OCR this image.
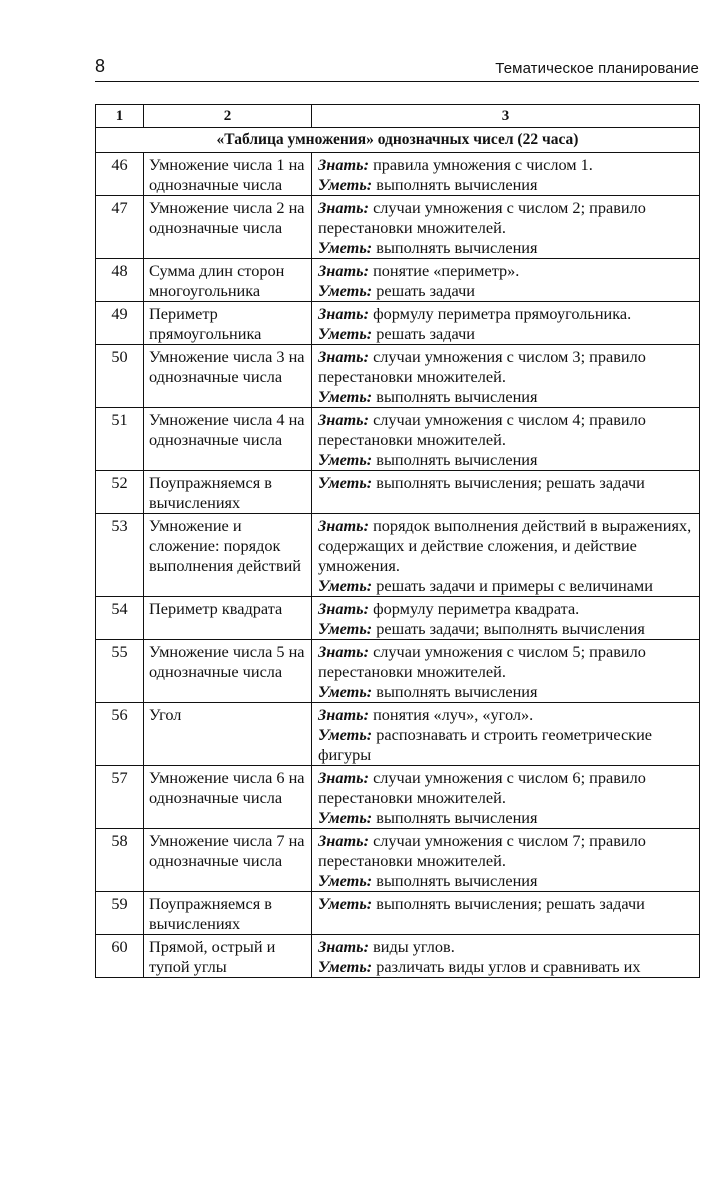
8	Тематическое планирование
1	2	3
«Таблица умножения» однозначных чисел (22 часа)		
46	Умножение числа 1 на однозначные числа	Знать: правила умножения с числом 1.
Уметь: выполнять вычисления

47	Умножение числа 2 на однозначные числа	Знать: случаи умножения с числом 2; правило перестановки множителей.
Уметь: выполнять вычисления

48	Сумма длин сторон многоугольника	Знать: понятие «периметр».
Уметь: решать задачи

49	Периметр прямоугольника	Знать: формулу периметра прямоугольника.
Уметь: решать задачи

50	Умножение числа 3 на однозначные числа	Знать: случаи умножения с числом 3; правило перестановки множителей.
Уметь: выполнять вычисления

51	Умножение числа 4 на однозначные числа	Знать: случаи умножения с числом 4; правило перестановки множителей.
Уметь: выполнять вычисления

52	Поупражняемся в вычислениях	Уметь: выполнять вычисления; решать задачи

53	Умножение и сложение: порядок выполнения действий	Знать: порядок выполнения действий в выражениях, содержащих и действие сложения, и действие умножения.
Уметь: решать задачи и примеры с величинами

54	Периметр квадрата	Знать: формулу периметра квадрата.
Уметь: решать задачи; выполнять вычисления

55	Умножение числа 5 на однозначные числа	Знать: случаи умножения с числом 5; правило перестановки множителей.
Уметь: выполнять вычисления

56	Угол	Знать: понятия «луч», «угол».
Уметь: распознавать и строить геометрические фигуры

57	Умножение числа 6 на однозначные числа	Знать: случаи умножения с числом 6; правило перестановки множителей.
Уметь: выполнять вычисления

58	Умножение числа 7 на однозначные числа	Знать: случаи умножения с числом 7; правило перестановки множителей.
Уметь: выполнять вычисления

59	Поупражняемся в вычислениях	Уметь: выполнять вычисления; решать задачи

60	Прямой, острый и тупой углы	Знать: виды углов.
Уметь: различать виды углов и сравнивать их
